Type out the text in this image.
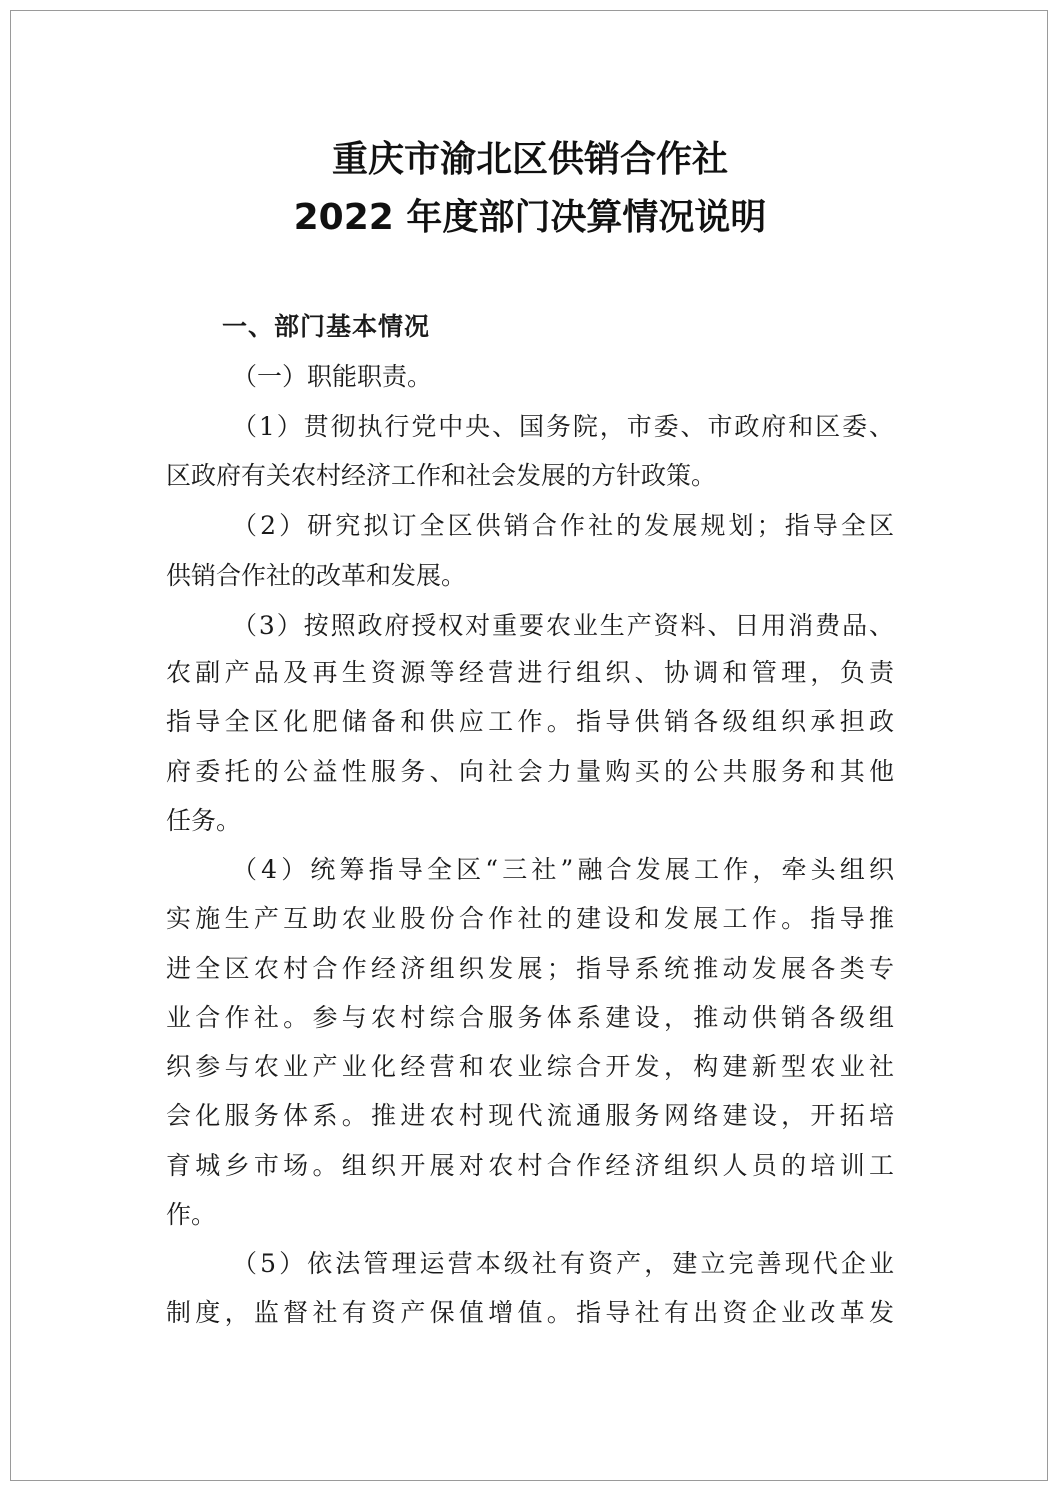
重庆市渝北区供销合作社
2022 年度部门决算情况说明
一、部门基本情况
（一）职能职责。
（1）贯彻执行党中央、国务院，市委、市政府和区委、
区政府有关农村经济工作和社会发展的方针政策。
（2）研究拟订全区供销合作社的发展规划；指导全区
供销合作社的改革和发展。
（3）按照政府授权对重要农业生产资料、日用消费品、
农副产品及再生资源等经营进行组织、协调和管理，负责
指导全区化肥储备和供应工作。指导供销各级组织承担政
府委托的公益性服务、向社会力量购买的公共服务和其他
任务。
（4）统筹指导全区“三社”融合发展工作，牵头组织
实施生产互助农业股份合作社的建设和发展工作。指导推
进全区农村合作经济组织发展；指导系统推动发展各类专
业合作社。参与农村综合服务体系建设，推动供销各级组
织参与农业产业化经营和农业综合开发，构建新型农业社
会化服务体系。推进农村现代流通服务网络建设，开拓培
育城乡市场。组织开展对农村合作经济组织人员的培训工
作。
（5）依法管理运营本级社有资产，建立完善现代企业
制度，监督社有资产保值增值。指导社有出资企业改革发
